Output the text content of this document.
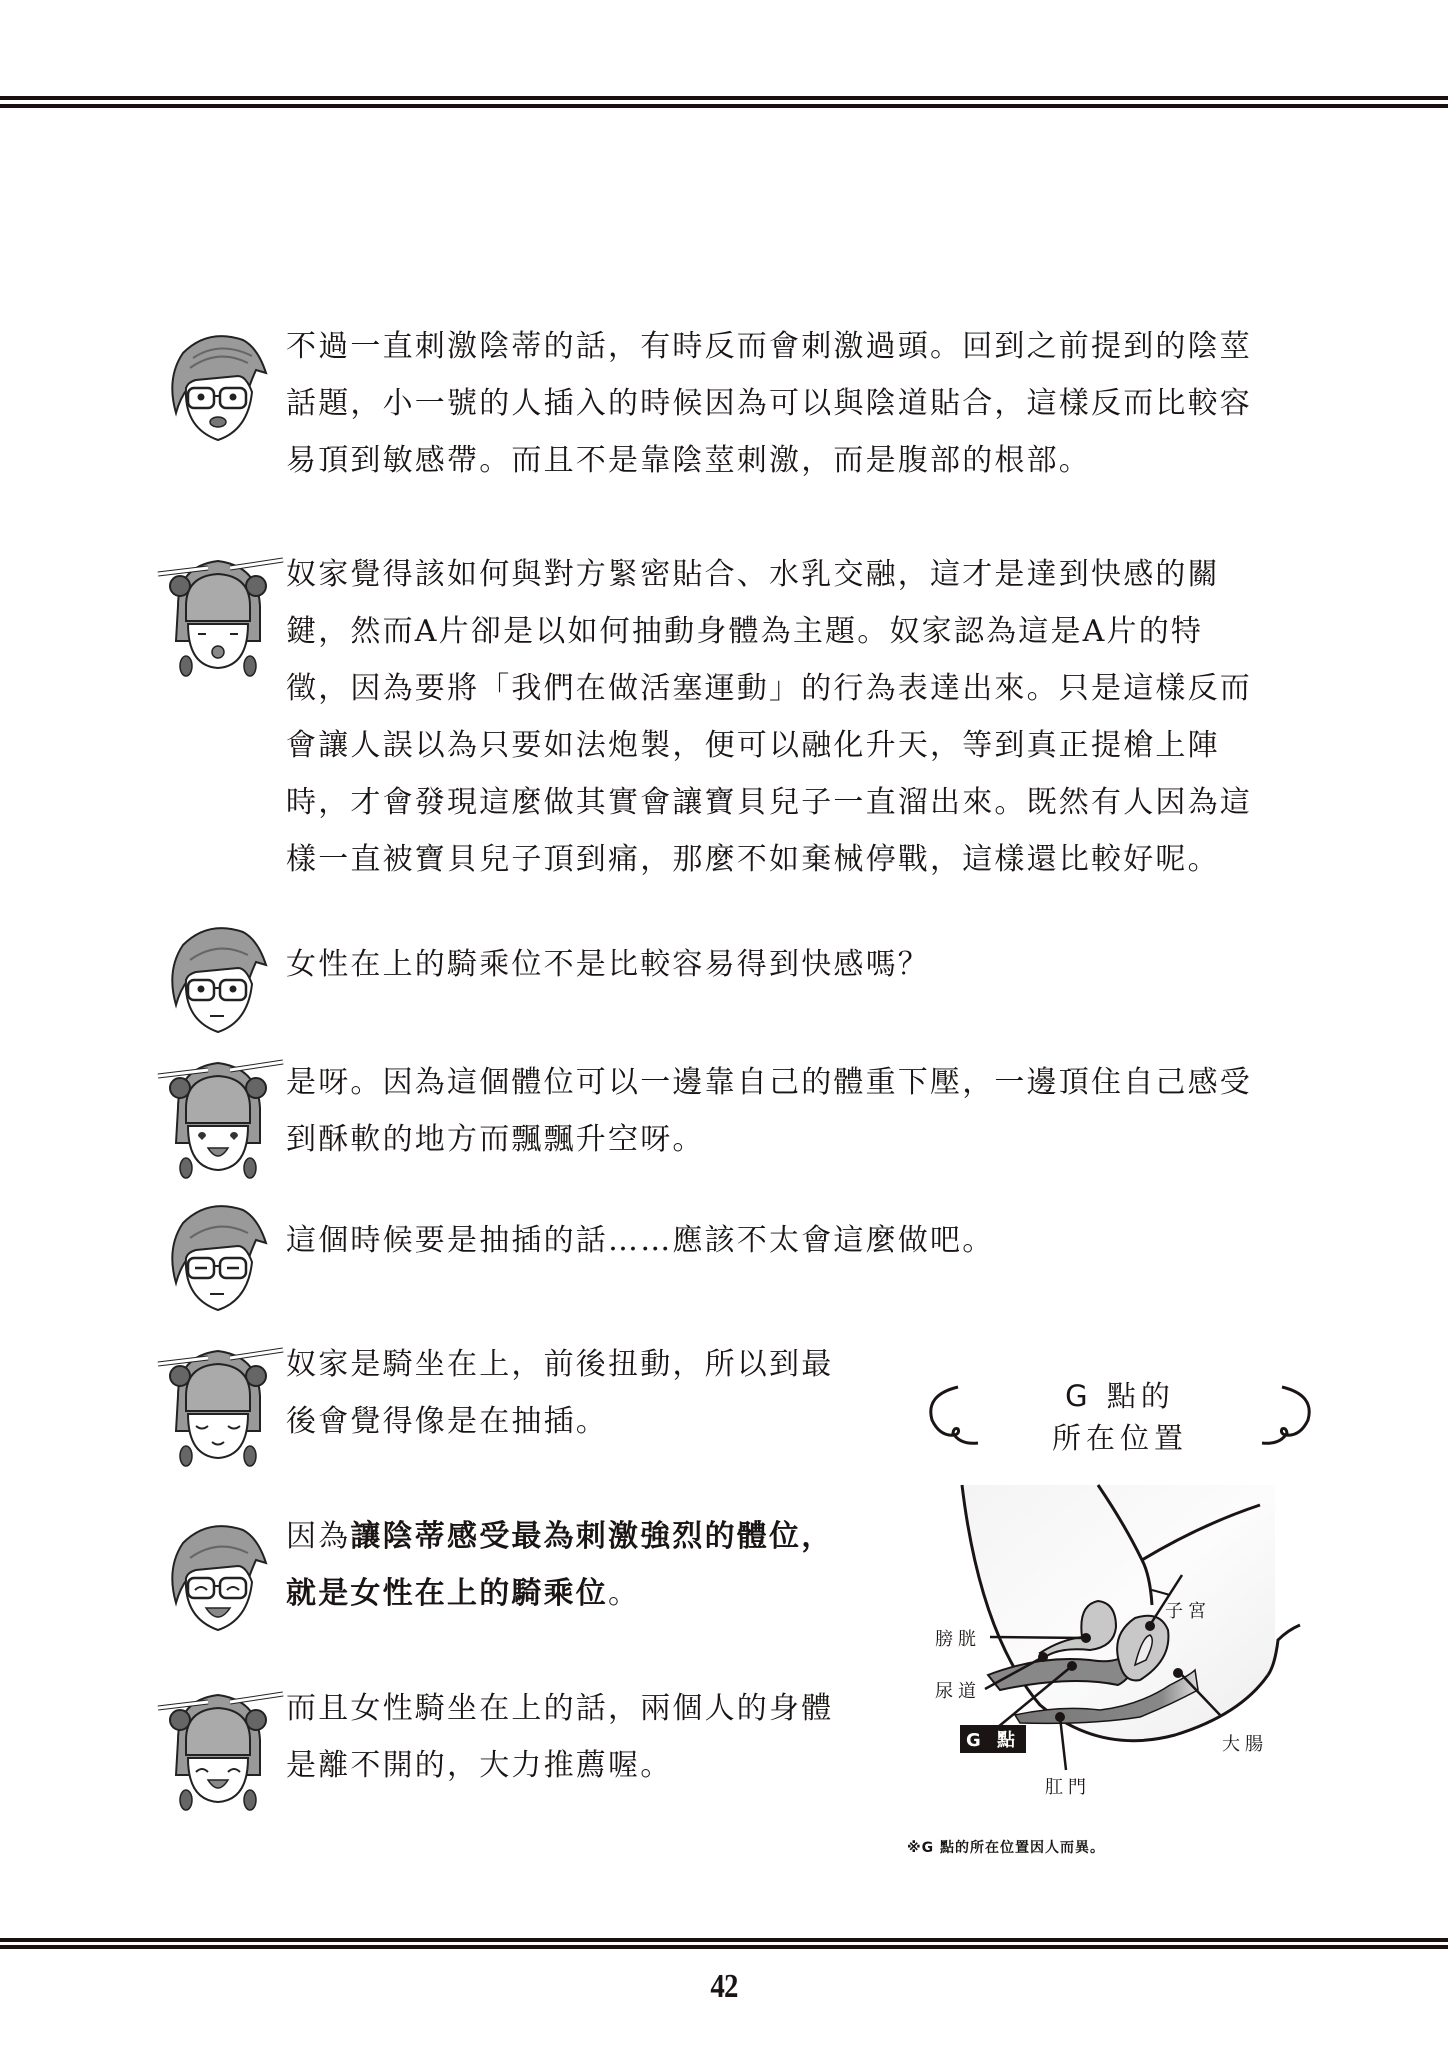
不過一直刺激陰蒂的話，有時反而會刺激過頭。回到之前提到的陰莖
話題，小一號的人插入的時候因為可以與陰道貼合，這樣反而比較容
易頂到敏感帶。而且不是靠陰莖刺激，而是腹部的根部。
奴家覺得該如何與對方緊密貼合、水乳交融，這才是達到快感的關
鍵，然而A片卻是以如何抽動身體為主題。奴家認為這是A片的特
徵，因為要將「我們在做活塞運動」的行為表達出來。只是這樣反而
會讓人誤以為只要如法炮製，便可以融化升天，等到真正提槍上陣
時，才會發現這麼做其實會讓寶貝兒子一直溜出來。既然有人因為這
樣一直被寶貝兒子頂到痛，那麼不如棄械停戰，這樣還比較好呢。
女性在上的騎乘位不是比較容易得到快感嗎？
是呀。因為這個體位可以一邊靠自己的體重下壓，一邊頂住自己感受
到酥軟的地方而飄飄升空呀。
這個時候要是抽插的話……應該不太會這麼做吧。
奴家是騎坐在上，前後扭動，所以到最
後會覺得像是在抽插。
因為讓陰蒂感受最為刺激強烈的體位，
就是女性在上的騎乘位。
而且女性騎坐在上的話，兩個人的身體
是離不開的，大力推薦喔。
G 點的
所在位置
子宮
膀胱
尿道
G 點
肛門
大腸
※G 點的所在位置因人而異。
42
